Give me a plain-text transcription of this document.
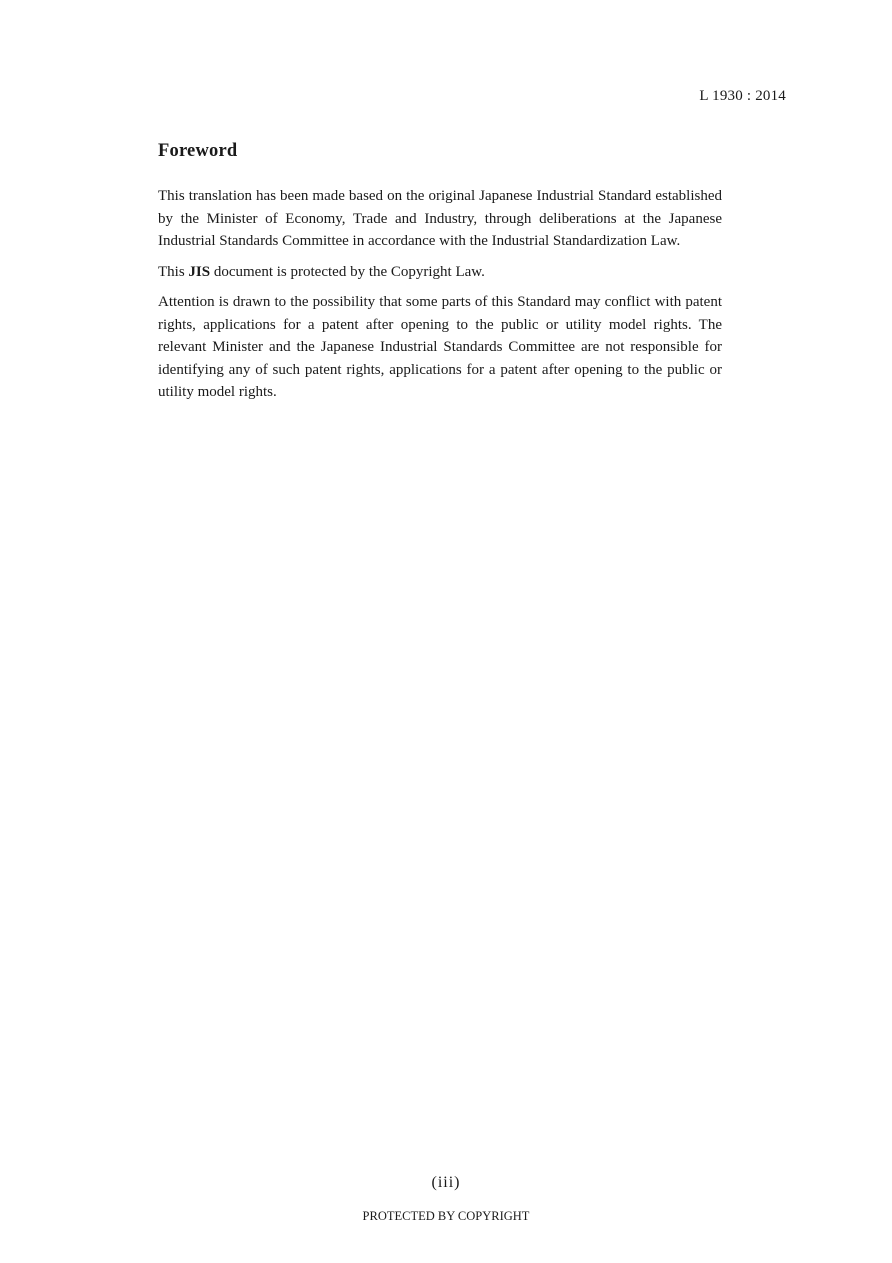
L 1930 : 2014
Foreword

This translation has been made based on the original Japanese Industrial Standard established by the Minister of Economy, Trade and Industry, through deliberations at the Japanese Industrial Standards Committee in accordance with the Industrial Standardization Law.

This JIS document is protected by the Copyright Law.

Attention is drawn to the possibility that some parts of this Standard may conflict with patent rights, applications for a patent after opening to the public or utility model rights. The relevant Minister and the Japanese Industrial Standards Committee are not responsible for identifying any of such patent rights, applications for a patent after opening to the public or utility model rights.

(iii)
PROTECTED BY COPYRIGHT
